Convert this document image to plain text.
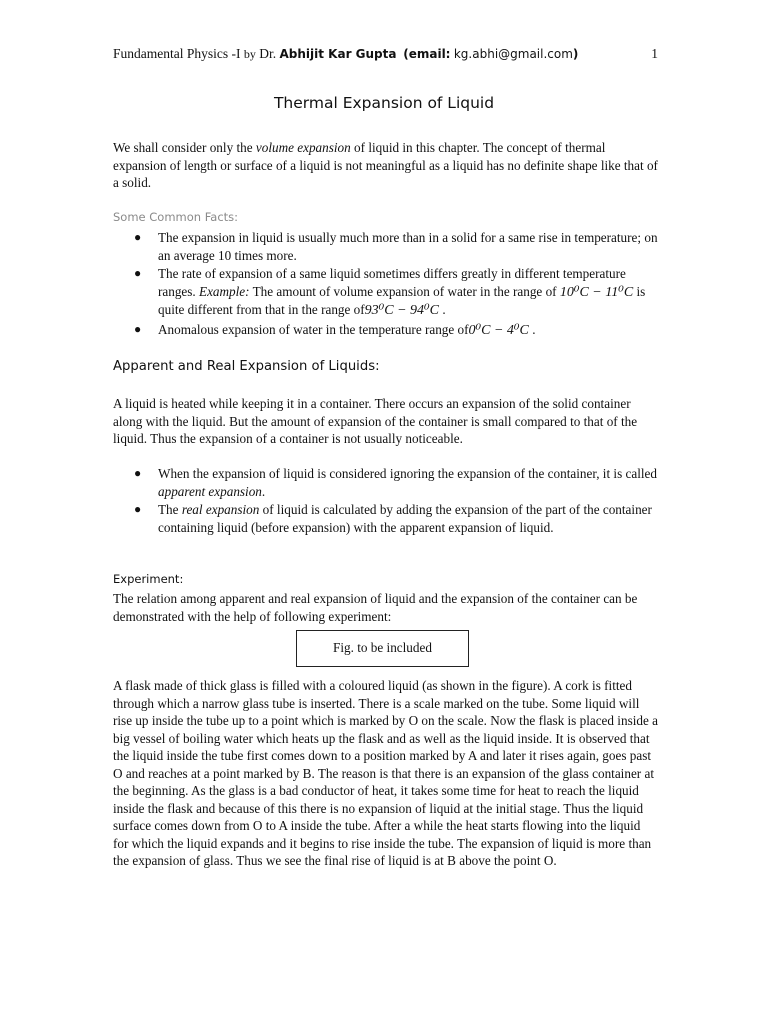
Fundamental Physics -I by Dr. Abhijit Kar Gupta (email: kg.abhi@gmail.com)	1
Thermal Expansion of Liquid

We shall consider only the volume expansion of liquid in this chapter. The concept of thermal expansion of length or surface of a liquid is not meaningful as a liquid has no definite shape like that of a solid.

Some Common Facts:
● The expansion in liquid is usually much more than in a solid for a same rise in temperature; on an average 10 times more.
● The rate of expansion of a same liquid sometimes differs greatly in different temperature ranges. Example: The amount of volume expansion of water in the range of 10⁰C − 11⁰C is quite different from that in the range of93⁰C − 94⁰C .
● Anomalous expansion of water in the temperature range of0⁰C − 4⁰C .
Apparent and Real Expansion of Liquids:

A liquid is heated while keeping it in a container. There occurs an expansion of the solid container along with the liquid. But the amount of expansion of the container is small compared to that of the liquid. Thus the expansion of a container is not usually noticeable.

● When the expansion of liquid is considered ignoring the expansion of the container, it is called apparent expansion.
● The real expansion of liquid is calculated by adding the expansion of the part of the container containing liquid (before expansion) with the apparent expansion of liquid.
Experiment:

The relation among apparent and real expansion of liquid and the expansion of the container can be demonstrated with the help of following experiment:

Fig. to be included

A flask made of thick glass is filled with a coloured liquid (as shown in the figure). A cork is fitted through which a narrow glass tube is inserted. There is a scale marked on the tube. Some liquid will rise up inside the tube up to a point which is marked by O on the scale. Now the flask is placed inside a big vessel of boiling water which heats up the flask and as well as the liquid inside. It is observed that the liquid inside the tube first comes down to a position marked by A and later it rises again, goes past O and reaches at a point marked by B. The reason is that there is an expansion of the glass container at the beginning. As the glass is a bad conductor of heat, it takes some time for heat to reach the liquid inside the flask and because of this there is no expansion of liquid at the initial stage. Thus the liquid surface comes down from O to A inside the tube. After a while the heat starts flowing into the liquid for which the liquid expands and it begins to rise inside the tube. The expansion of liquid is more than the expansion of glass. Thus we see the final rise of liquid is at B above the point O.
